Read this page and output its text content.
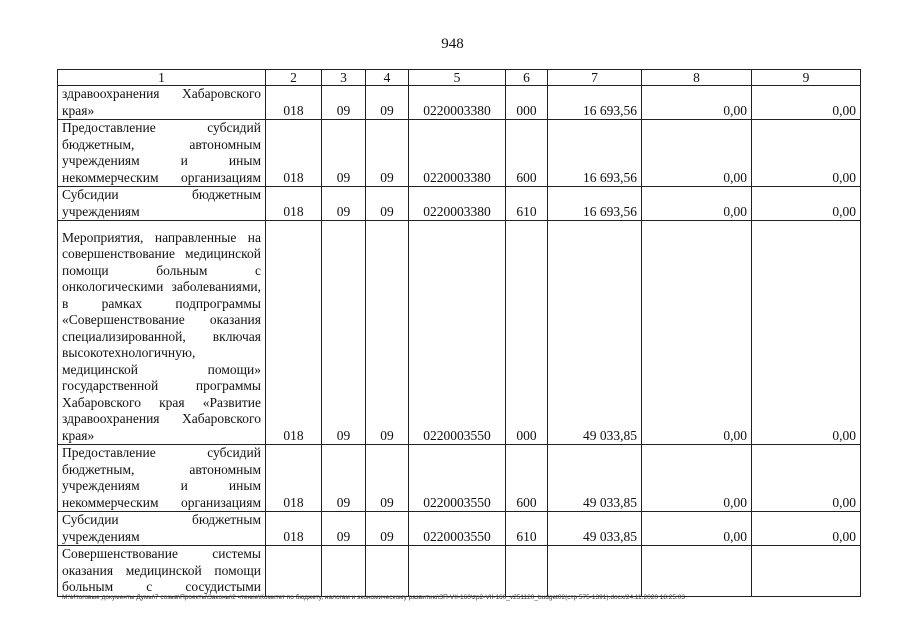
948
1	2	3	4	5	6	7	8	9
здравоохранения Хабаровского края»	018	09	09	0220003380	000	16 693,56	0,00	0,00
Предоставление субсидий бюджетным, автономным учреждениям и иным некоммерческим организациям	018	09	09	0220003380	600	16 693,56	0,00	0,00
Субсидии бюджетным учреждениям	018	09	09	0220003380	610	16 693,56	0,00	0,00
Мероприятия, направленные на совершенствование медицинской помощи больным с онкологическими заболеваниями, в рамках подпрограммы «Совершенствование оказания специализированной, включая высокотехнологичную, медицинской помощи» государственной программы Хабаровского края «Развитие здравоохранения Хабаровского края»	018	09	09	0220003550	000	49 033,85	0,00	0,00
Предоставление субсидий бюджетным, автономным учреждениям и иным некоммерческим организациям	018	09	09	0220003550	600	49 033,85	0,00	0,00
Субсидии бюджетным учреждениям	018	09	09	0220003550	610	49 033,85	0,00	0,00
Совершенствование системы оказания медицинской помощи больным с сосудистыми								
M:\Итоговые документы Думы\7 созыв\Проекты\Законы\2 чтение\Комитет по бюджету, налогам и экономическому развитию\ЗП-VII-160\zp2-VII-160_v251120_budget02(стр 575-1391).docx/24.11.2020 18:25:03
